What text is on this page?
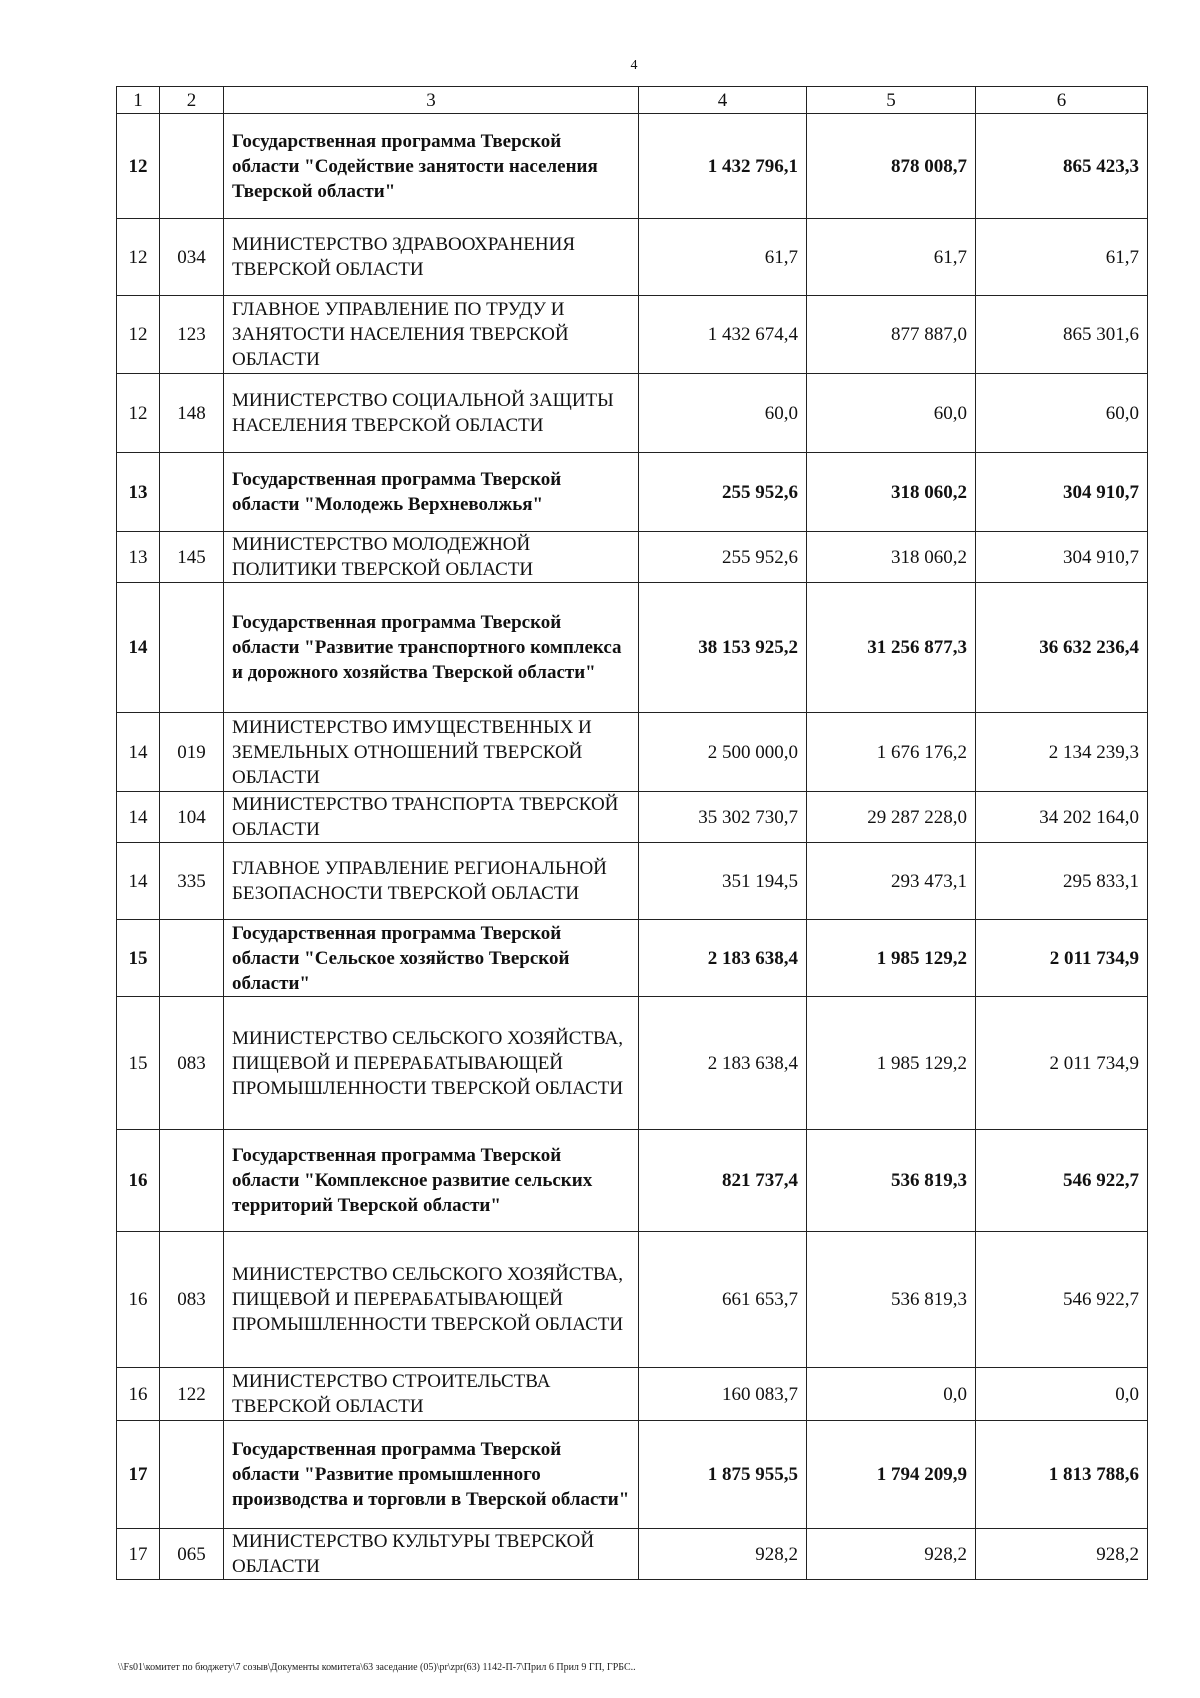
4
1	2	3	4	5	6
12		Государственная программа Тверской области "Содействие занятости населения Тверской области"	1 432 796,1	878 008,7	865 423,3
12	034	МИНИСТЕРСТВО ЗДРАВООХРАНЕНИЯ ТВЕРСКОЙ ОБЛАСТИ	61,7	61,7	61,7
12	123	ГЛАВНОЕ УПРАВЛЕНИЕ ПО ТРУДУ И ЗАНЯТОСТИ НАСЕЛЕНИЯ ТВЕРСКОЙ ОБЛАСТИ	1 432 674,4	877 887,0	865 301,6
12	148	МИНИСТЕРСТВО СОЦИАЛЬНОЙ ЗАЩИТЫ НАСЕЛЕНИЯ ТВЕРСКОЙ ОБЛАСТИ	60,0	60,0	60,0
13		Государственная программа Тверской области "Молодежь Верхневолжья"	255 952,6	318 060,2	304 910,7
13	145	МИНИСТЕРСТВО МОЛОДЕЖНОЙ ПОЛИТИКИ ТВЕРСКОЙ ОБЛАСТИ	255 952,6	318 060,2	304 910,7
14		Государственная программа Тверской области "Развитие транспортного комплекса и дорожного хозяйства Тверской области"	38 153 925,2	31 256 877,3	36 632 236,4
14	019	МИНИСТЕРСТВО ИМУЩЕСТВЕННЫХ И ЗЕМЕЛЬНЫХ ОТНОШЕНИЙ ТВЕРСКОЙ ОБЛАСТИ	2 500 000,0	1 676 176,2	2 134 239,3
14	104	МИНИСТЕРСТВО ТРАНСПОРТА ТВЕРСКОЙ ОБЛАСТИ	35 302 730,7	29 287 228,0	34 202 164,0
14	335	ГЛАВНОЕ УПРАВЛЕНИЕ РЕГИОНАЛЬНОЙ БЕЗОПАСНОСТИ ТВЕРСКОЙ ОБЛАСТИ	351 194,5	293 473,1	295 833,1
15		Государственная программа Тверской области "Сельское хозяйство Тверской области"	2 183 638,4	1 985 129,2	2 011 734,9
15	083	МИНИСТЕРСТВО СЕЛЬСКОГО ХОЗЯЙСТВА, ПИЩЕВОЙ И ПЕРЕРАБАТЫВАЮЩЕЙ ПРОМЫШЛЕННОСТИ ТВЕРСКОЙ ОБЛАСТИ	2 183 638,4	1 985 129,2	2 011 734,9
16		Государственная программа Тверской области "Комплексное развитие сельских территорий Тверской области"	821 737,4	536 819,3	546 922,7
16	083	МИНИСТЕРСТВО СЕЛЬСКОГО ХОЗЯЙСТВА, ПИЩЕВОЙ И ПЕРЕРАБАТЫВАЮЩЕЙ ПРОМЫШЛЕННОСТИ ТВЕРСКОЙ ОБЛАСТИ	661 653,7	536 819,3	546 922,7
16	122	МИНИСТЕРСТВО СТРОИТЕЛЬСТВА ТВЕРСКОЙ ОБЛАСТИ	160 083,7	0,0	0,0
17		Государственная программа Тверской области "Развитие промышленного производства и торговли в Тверской области"	1 875 955,5	1 794 209,9	1 813 788,6
17	065	МИНИСТЕРСТВО КУЛЬТУРЫ ТВЕРСКОЙ ОБЛАСТИ	928,2	928,2	928,2
\\Fs01\комитет по бюджету\7 созыв\Документы комитета\63 заседание (05)\pr\zpr(63) 1142-П-7\Прил 6 Прил 9 ГП, ГРБС..
